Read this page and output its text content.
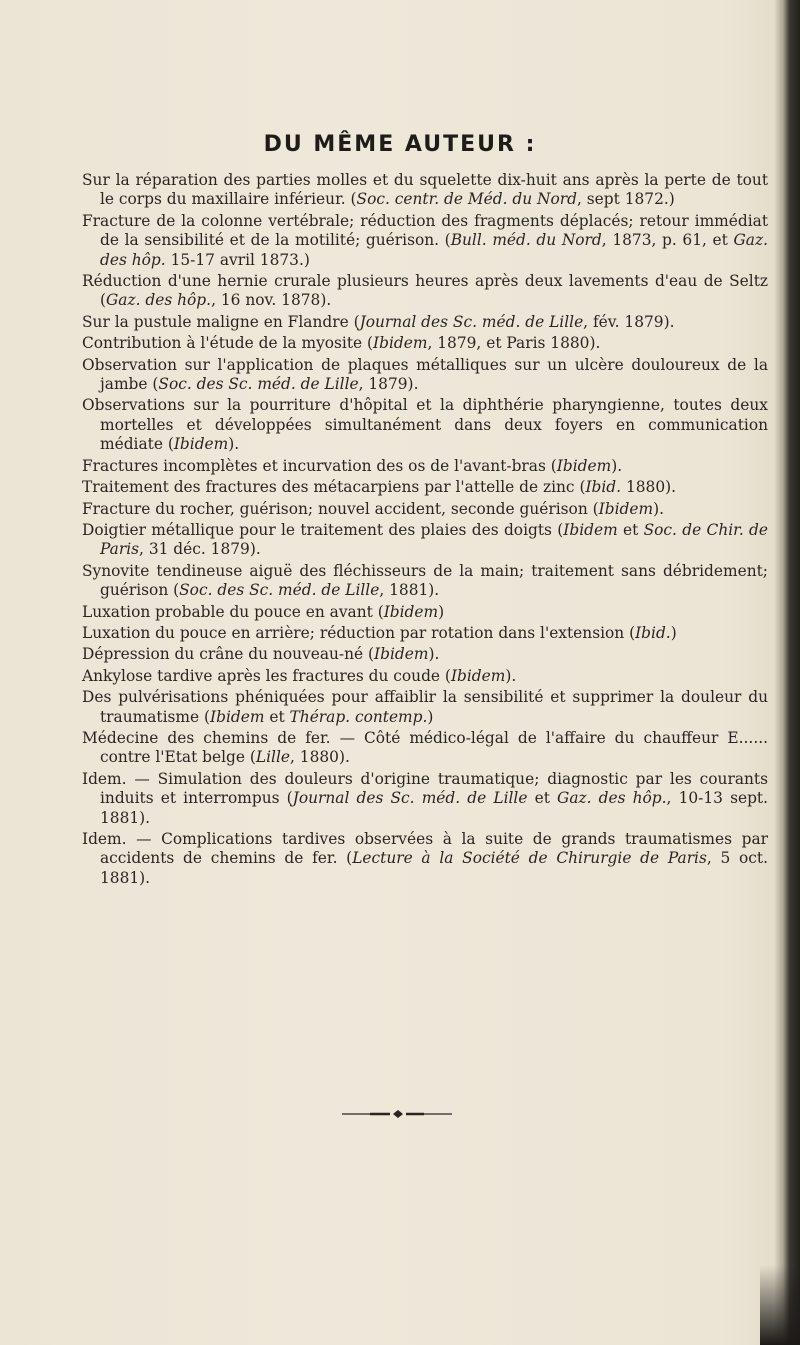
DU MÊME AUTEUR :
Sur la réparation des parties molles et du squelette dix-huit ans après la perte de tout le corps du maxillaire inférieur. (Soc. centr. de Méd. du Nord, sept 1872.)
Fracture de la colonne vertébrale; réduction des fragments déplacés; retour immédiat de la sensibilité et de la motilité; guérison. (Bull. méd. du Nord, 1873, p. 61, et Gaz. des hôp. 15-17 avril 1873.)
Réduction d'une hernie crurale plusieurs heures après deux lavements d'eau de Seltz (Gaz. des hôp., 16 nov. 1878).
Sur la pustule maligne en Flandre (Journal des Sc. méd. de Lille, fév. 1879).
Contribution à l'étude de la myosite (Ibidem, 1879, et Paris 1880).
Observation sur l'application de plaques métalliques sur un ulcère douloureux de la jambe (Soc. des Sc. méd. de Lille, 1879).
Observations sur la pourriture d'hôpital et la diphthérie pharyngienne, toutes deux mortelles et développées simultanément dans deux foyers en communication médiate (Ibidem).
Fractures incomplètes et incurvation des os de l'avant-bras (Ibidem).
Traitement des fractures des métacarpiens par l'attelle de zinc (Ibid. 1880).
Fracture du rocher, guérison; nouvel accident, seconde guérison (Ibidem).
Doigtier métallique pour le traitement des plaies des doigts (Ibidem et Soc. de Chir. de Paris, 31 déc. 1879).
Synovite tendineuse aiguë des fléchisseurs de la main; traitement sans débridement; guérison (Soc. des Sc. méd. de Lille, 1881).
Luxation probable du pouce en avant (Ibidem)
Luxation du pouce en arrière; réduction par rotation dans l'extension (Ibid.)
Dépression du crâne du nouveau-né (Ibidem).
Ankylose tardive après les fractures du coude (Ibidem).
Des pulvérisations phéniquées pour affaiblir la sensibilité et supprimer la douleur du traumatisme (Ibidem et Thérap. contemp.)
Médecine des chemins de fer. — Côté médico-légal de l'affaire du chauffeur E...... contre l'Etat belge (Lille, 1880).
Idem. — Simulation des douleurs d'origine traumatique; diagnostic par les courants induits et interrompus (Journal des Sc. méd. de Lille et Gaz. des hôp., 10-13 sept. 1881).
Idem. — Complications tardives observées à la suite de grands traumatismes par accidents de chemins de fer. (Lecture à la Société de Chirurgie de Paris, 5 oct. 1881).
